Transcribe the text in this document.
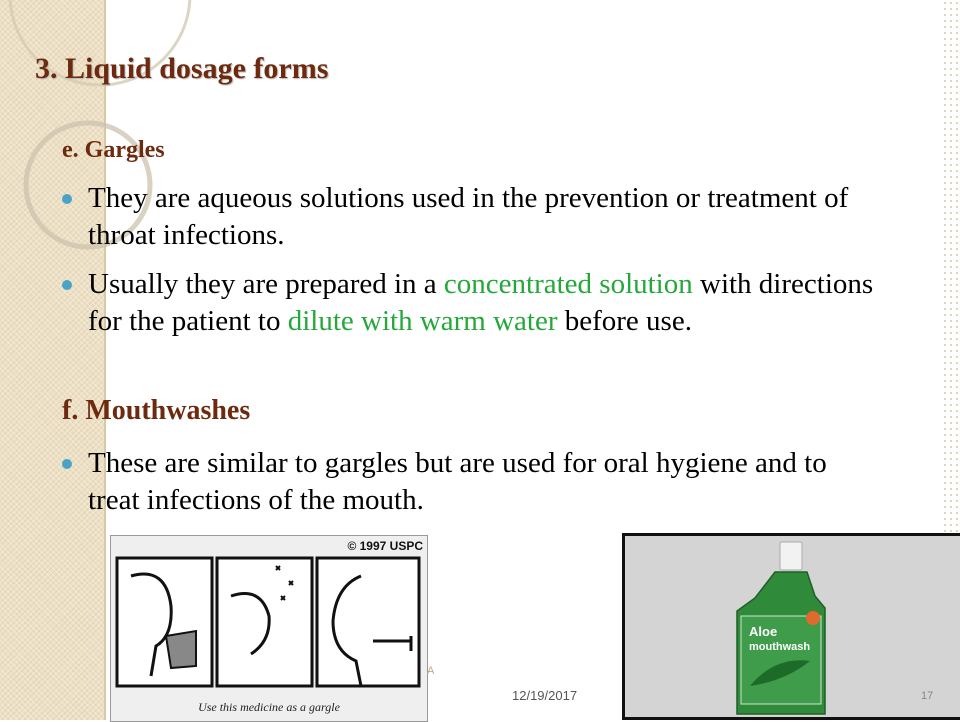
3. Liquid dosage forms

e. Gargles

They are aqueous solutions used in the prevention or treatment of throat infections.
Usually they are prepared in a concentrated solution with directions for the patient to dilute with warm water before use.

f. Mouthwashes

These are similar to gargles but are used for oral hygiene and to treat infections of the mouth.
© 1997 USPC
Use this medicine as a gargle
Aloe
mouthwash
A
12/19/2017	17
